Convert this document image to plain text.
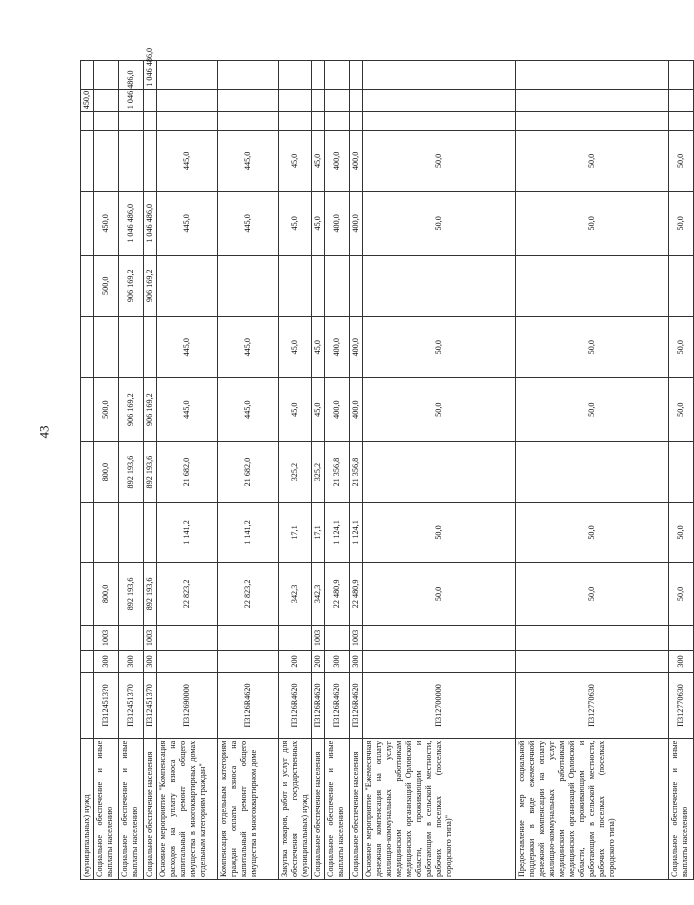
43
(муниципальных) нужд													450,0	
Социальное обеспечение и иные выплаты населению	П3124513?0	300	1003	800,0		800,0	500,0		500,0	450,0				
Социальное обеспечение и иные выплаты населению	П312451370	300		892 193,6		892 193,6	906 169,2		906 169,2	1 046 486,0			1 046 486,0	
Социальное обеспечение населения	П312451370	300	1003	892 193,6		892 193,6	906 169,2		906 169,2	1 046 486,0				1 046 486,0
Основное мероприятие "Компенсация расходов на уплату взноса на капитальный ремонт общего имущества в многоквартирных домах отдельным категориям граждан"	П312690000			22 823,2	1 141,2	21 682,0	445,0	445,0		445,0	445,0			
Компенсация отдельным категориям граждан оплаты взноса на капитальный ремонт общего имущества в многоквартирном доме	П3126R4620			22 823,2	1 141,2	21 682,0	445,0	445,0		445,0	445,0			
Закупка товаров, работ и услуг для обеспечения государственных (муниципальных) нужд	П3126R4620	200		342,3	17,1	325,2	45,0	45,0		45,0	45,0			
Социальное обеспечение населения	П3126R4620	200	1003	342,3	17,1	325,2	45,0	45,0		45,0	45,0			
Социальное обеспечение и иные выплаты населению	П3126R4620	300		22 480,9	1 124,1	21 356,8	400,0	400,0		400,0	400,0			
Социальное обеспечение населения	П3126R4620	300	1003	22 480,9	1 124,1	21 356,8	400,0	400,0		400,0	400,0			
Основное мероприятие "Ежемесячная денежная компенсация на оплату жилищно-коммунальных услуг медицинским работникам медицинских организаций Орловской области, проживающим и работающим в сельской местности, рабочих поселках (поселках городского типа)"	П312700000			50,0	50,0		50,0	50,0		50,0	50,0			
Предоставление мер социальной поддержки в виде ежемесячной денежной компенсации на оплату жилищно-коммунальных услуг медицинским работникам медицинских организаций Орловской области, проживающим и работающим в сельской местности, рабочих поселках (поселках городского типа)	П312770630			50,0	50,0		50,0	50,0		50,0	50,0			
Социальное обеспечение и иные выплаты населению	П312770630	300		50,0	50,0		50,0	50,0		50,0	50,0			
